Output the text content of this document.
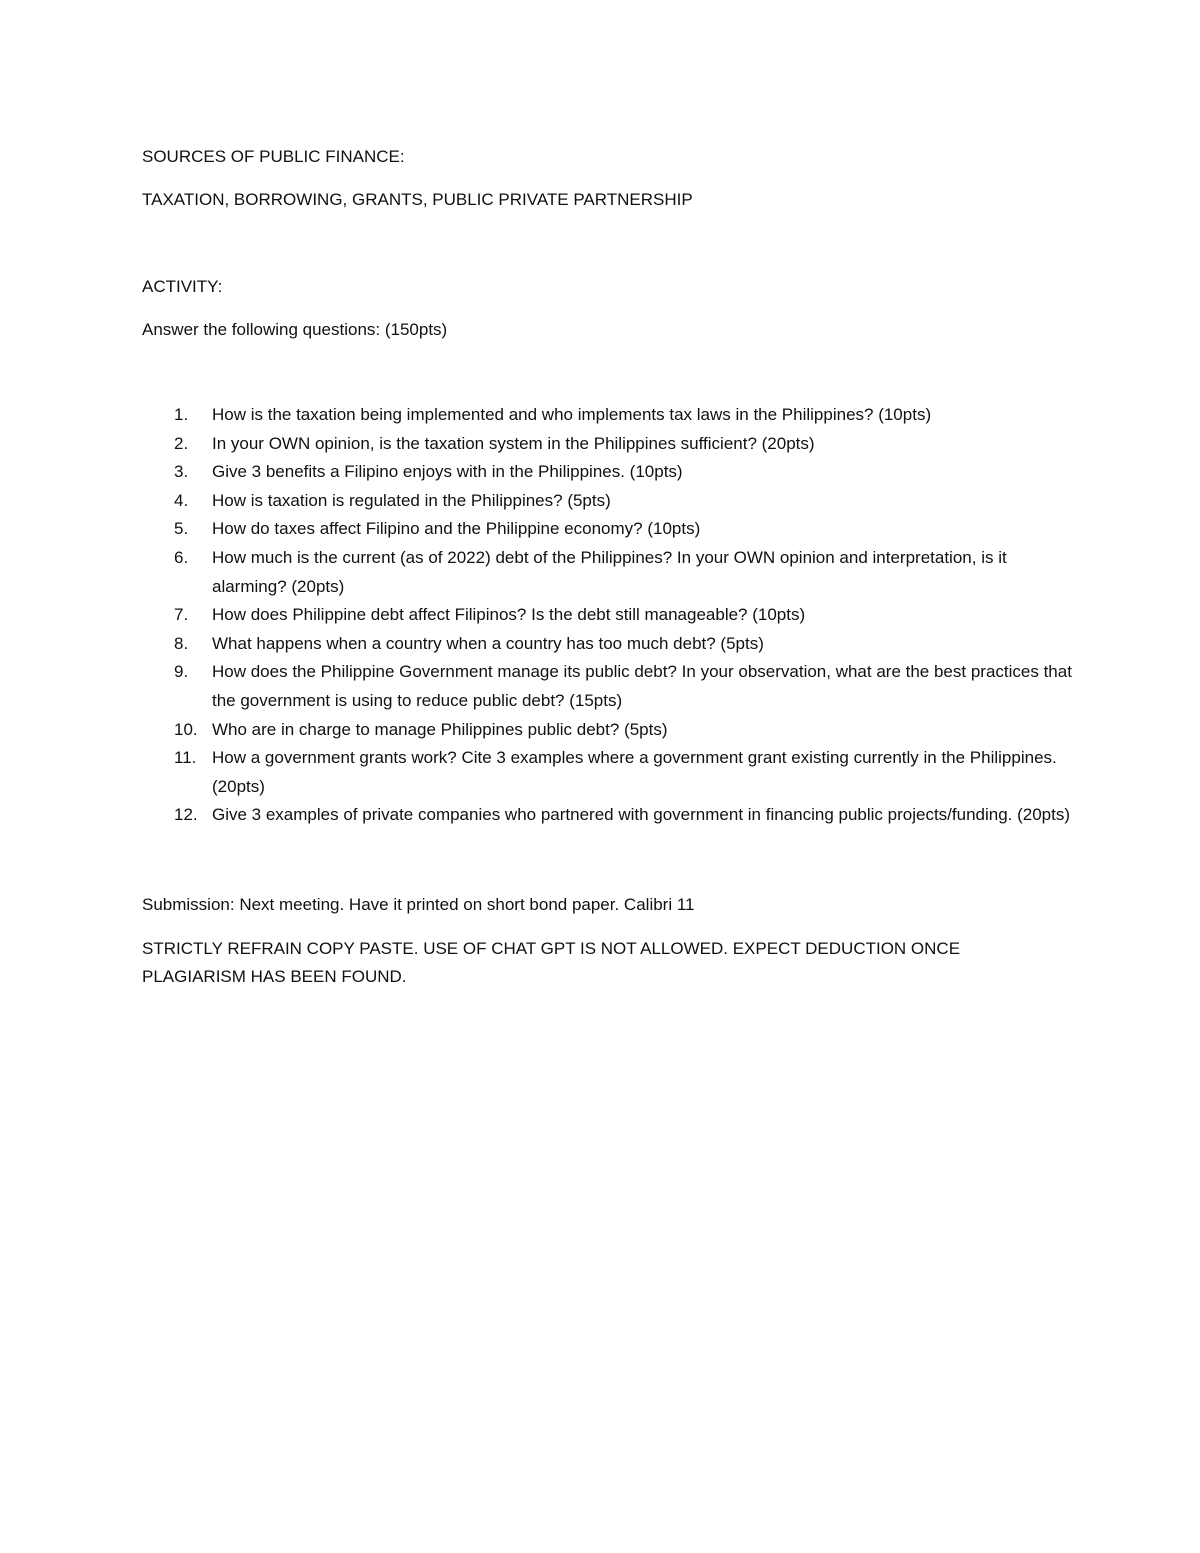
SOURCES OF PUBLIC FINANCE:

TAXATION, BORROWING, GRANTS, PUBLIC PRIVATE PARTNERSHIP

ACTIVITY:

Answer the following questions: (150pts)

1.	How is the taxation being implemented and who implements tax laws in the Philippines? (10pts)
2.	In your OWN opinion, is the taxation system in the Philippines sufficient? (20pts)
3.	Give 3 benefits a Filipino enjoys with in the Philippines. (10pts)
4.	How is taxation is regulated in the Philippines? (5pts)
5.	How do taxes affect Filipino and the Philippine economy? (10pts)
6.	How much is the current (as of 2022) debt of the Philippines? In your OWN opinion and interpretation, is it alarming? (20pts)
7.	How does Philippine debt affect Filipinos? Is the debt still manageable? (10pts)
8.	What happens when a country when a country has too much debt? (5pts)
9.	How does the Philippine Government manage its public debt? In your observation, what are the best practices that the government is using to reduce public debt? (15pts)
10. Who are in charge to manage Philippines public debt? (5pts)
11. How a government grants work? Cite 3 examples where a government grant existing currently in the Philippines. (20pts)
12. Give 3 examples of private companies who partnered with government in financing public projects/funding. (20pts)

Submission: Next meeting. Have it printed on short bond paper. Calibri 11

STRICTLY REFRAIN COPY PASTE. USE OF CHAT GPT IS NOT ALLOWED. EXPECT DEDUCTION ONCE PLAGIARISM HAS BEEN FOUND.
